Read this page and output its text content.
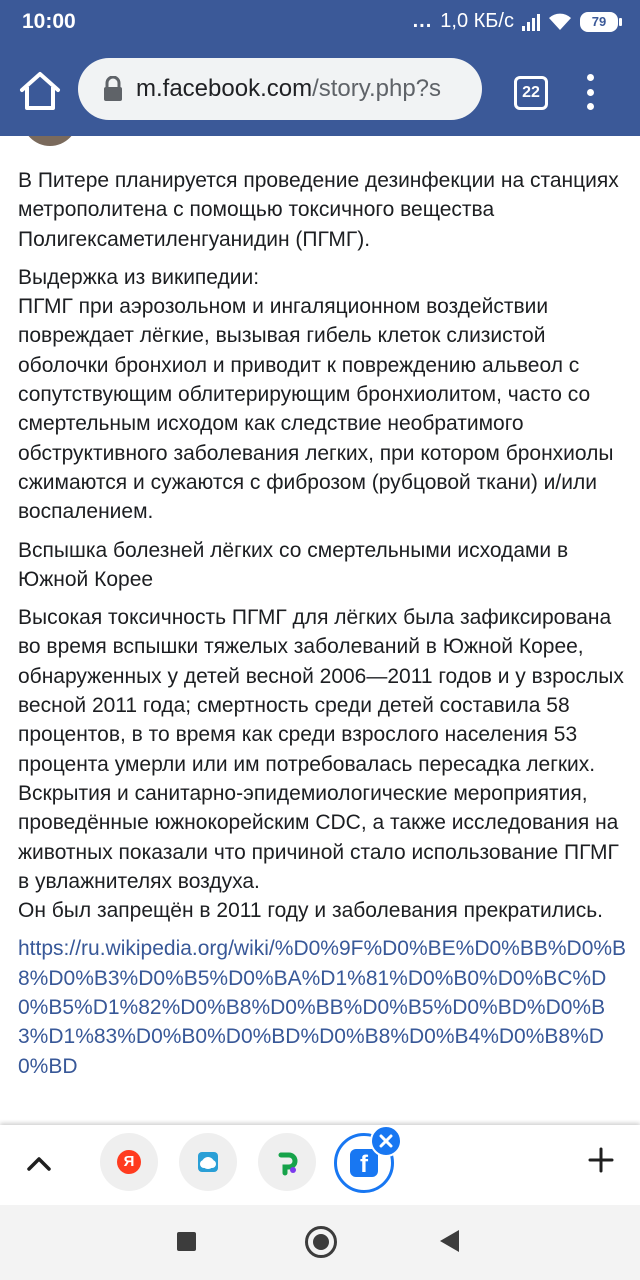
10:00	... 1,0 КБ/с	79
m.facebook.com/story.php?s	22

В Питере планируется проведение дезинфекции на станциях метрополитена с помощью токсичного вещества Полигексаметиленгуанидин (ПГМГ).

Выдержка из википедии:

ПГМГ при аэрозольном и ингаляционном воздействии повреждает лёгкие, вызывая гибель клеток слизистой оболочки бронхиол и приводит к повреждению альвеол с сопутствующим облитерирующим бронхиолитом, часто со смертельным исходом как следствие необратимого обструктивного заболевания легких, при котором бронхиолы сжимаются и сужаются с фиброзом (рубцовой ткани) и/или воспалением.

Вспышка болезней лёгких со смертельными исходами в Южной Корее

Высокая токсичность ПГМГ для лёгких была зафиксирована во время вспышки тяжелых заболеваний в Южной Корее, обнаруженных у детей весной 2006—2011 годов и у взрослых весной 2011 года; смертность среди детей составила 58 процентов, в то время как среди взрослого населения 53 процента умерли или им потребовалась пересадка легких.

Вскрытия и санитарно-эпидемиологические мероприятия, проведённые южнокорейским CDC, а также исследования на животных показали что причиной стало использование ПГМГ в увлажнителях воздуха.

Он был запрещён в 2011 году и заболевания прекратились.

https://ru.wikipedia.org/wiki/%D0%9F%D0%BE%D0%BB%D0%B8%D0%B3%D0%B5%D0%BA%D1%81%D0%B0%D0%BC%D0%B5%D1%82%D0%B8%D0%BB%D0%B5%D0%BD%D0%B3%D1%83%D0%B0%D0%BD%D0%B8%D0%B4%D0%B8%D0%BD
Я	f
